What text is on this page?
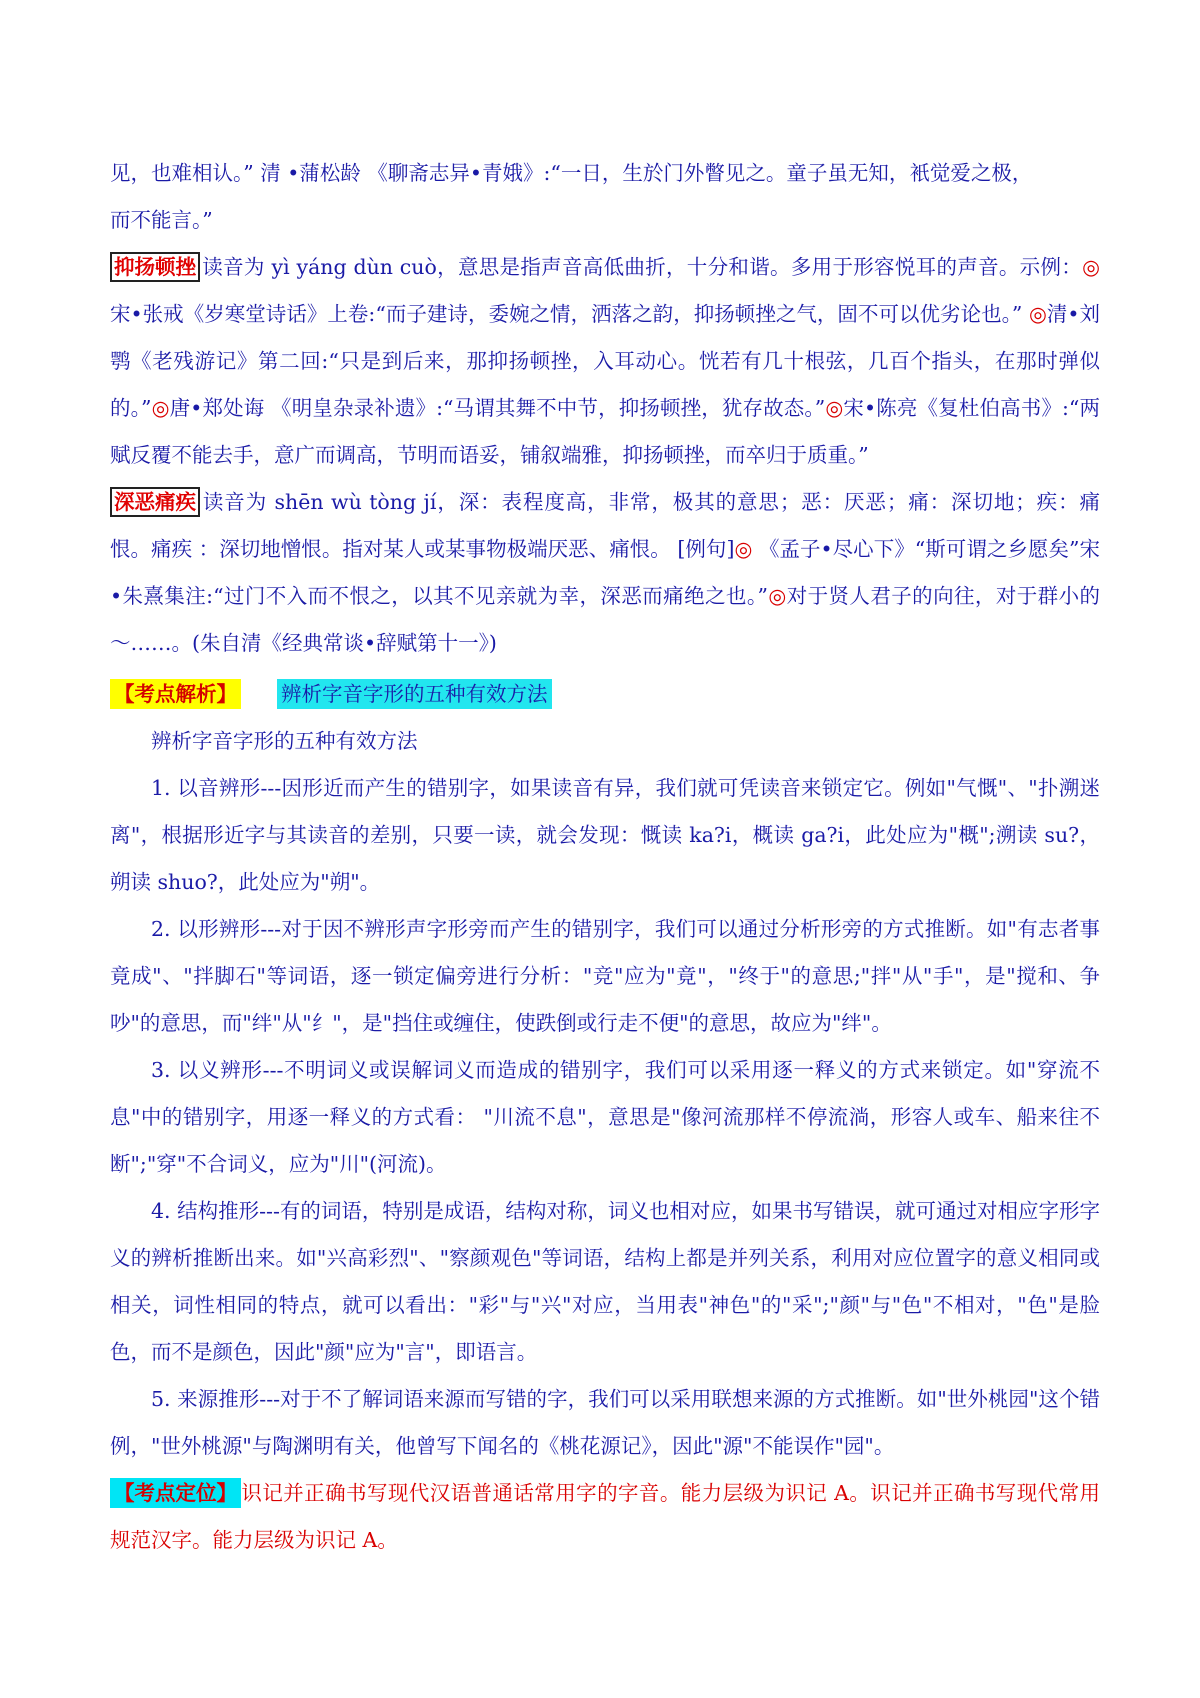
见，也难相认。” 清 •蒲松龄 《聊斋志异•青娥》:“一日，生於门外瞥见之。童子虽无知，衹觉爱之极，
而不能言。”

抑扬顿挫 读音为 yì yáng dùn cuò，意思是指声音高低曲折，十分和谐。多用于形容悦耳的声音。示例：◎宋•张戒《岁寒堂诗话》上卷:“而子建诗，委婉之情，洒落之韵，抑扬顿挫之气，固不可以优劣论也。” ◎清•刘鹗《老残游记》第二回:“只是到后来，那抑扬顿挫，入耳动心。恍若有几十根弦，几百个指头，在那时弹似的。”◎唐•郑处诲 《明皇杂录补遗》:“马谓其舞不中节，抑扬顿挫，犹存故态。”◎宋•陈亮《复杜伯高书》:“两赋反覆不能去手，意广而调高，节明而语妥，铺叙端雅，抑扬顿挫，而卒归于质重。”

深恶痛疾 读音为 shēn wù tòng jí，深：表程度高，非常，极其的意思；恶：厌恶；痛：深切地；疾：痛恨。痛疾 ：深切地憎恨。指对某人或某事物极端厌恶、痛恨。 [例句]◎ 《孟子•尽心下》“斯可谓之乡愿矣”宋•朱熹集注:“过门不入而不恨之，以其不见亲就为幸，深恶而痛绝之也。”◎对于贤人君子的向往，对于群小的～……。(朱自清《经典常谈•辞赋第十一》)

【考点解析】 辨析字音字形的五种有效方法

辨析字音字形的五种有效方法

1. 以音辨形---因形近而产生的错别字，如果读音有异，我们就可凭读音来锁定它。例如"气慨"、"扑溯迷离"，根据形近字与其读音的差别，只要一读，就会发现：慨读 ka?i，概读 ga?i，此处应为"概";溯读 su?，朔读 shuo?，此处应为"朔"。

2. 以形辨形---对于因不辨形声字形旁而产生的错别字，我们可以通过分析形旁的方式推断。如"有志者事竟成"、"拌脚石"等词语，逐一锁定偏旁进行分析："竞"应为"竟"，"终于"的意思;"拌"从"手"，是"搅和、争吵"的意思，而"绊"从"纟"，是"挡住或缠住，使跌倒或行走不便"的意思，故应为"绊"。

3. 以义辨形---不明词义或误解词义而造成的错别字，我们可以采用逐一释义的方式来锁定。如"穿流不息"中的错别字，用逐一释义的方式看： "川流不息"，意思是"像河流那样不停流淌，形容人或车、船来往不断";"穿"不合词义，应为"川"(河流)。

4. 结构推形---有的词语，特别是成语，结构对称，词义也相对应，如果书写错误，就可通过对相应字形字义的辨析推断出来。如"兴高彩烈"、"察颜观色"等词语，结构上都是并列关系，利用对应位置字的意义相同或相关，词性相同的特点，就可以看出："彩"与"兴"对应，当用表"神色"的"采";"颜"与"色"不相对，"色"是脸色，而不是颜色，因此"颜"应为"言"，即语言。

5. 来源推形---对于不了解词语来源而写错的字，我们可以采用联想来源的方式推断。如"世外桃园"这个错例，"世外桃源"与陶渊明有关，他曾写下闻名的《桃花源记》，因此"源"不能误作"园"。

【考点定位】 识记并正确书写现代汉语普通话常用字的字音。能力层级为识记 A。识记并正确书写现代常用规范汉字。能力层级为识记 A。
